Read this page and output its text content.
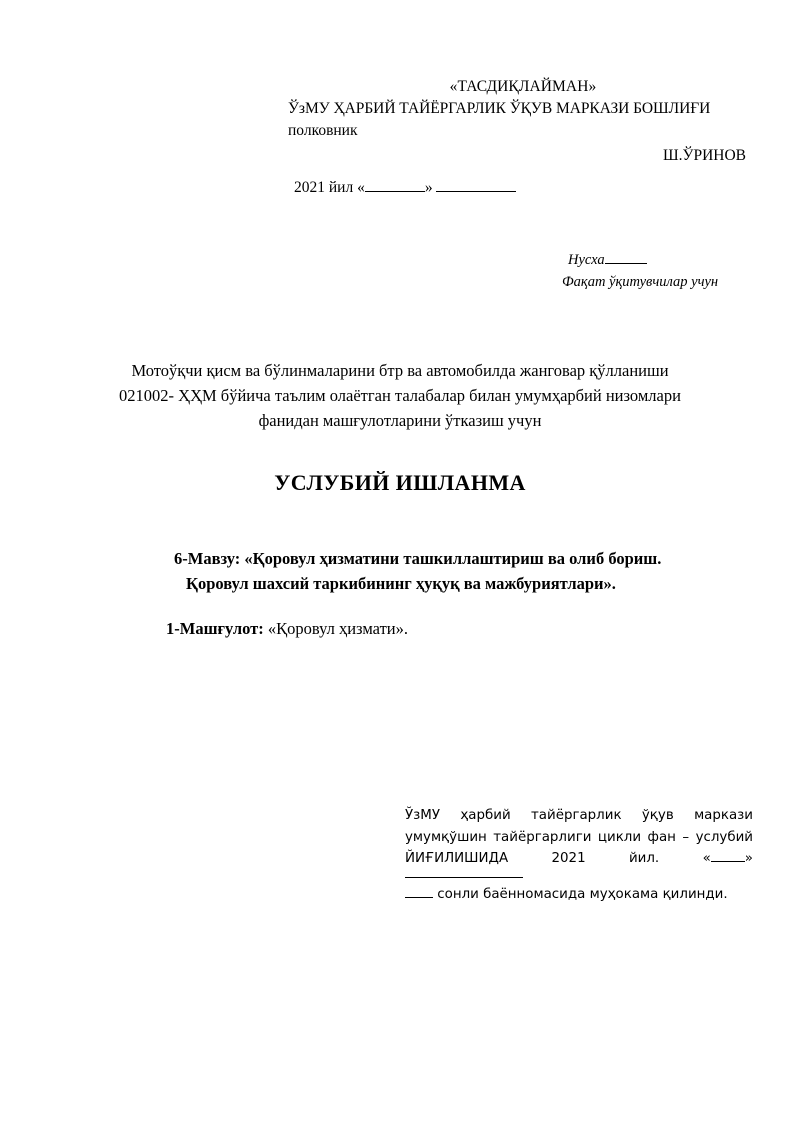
«ТАСДИҚЛАЙМАН»
ЎзМУ ҲАРБИЙ ТАЙЁРГАРЛИК ЎҚУВ МАРКАЗИ БОШЛИҒИ
полковник
Ш.ЎРИНОВ
2021 йил «	»
Нусха
Фақат ўқитувчилар учун
Мотоўқчи қисм ва бўлинмаларини бтр ва автомобилда жанговар қўлланиши 021002- ҲҲМ бўйича таълим олаётган талабалар билан умумҳарбий низомлари фанидан машғулотларини ўтказиш учун
УСЛУБИЙ ИШЛАНМА
6-Мавзу: «Қоровул ҳизматини ташкиллаштириш ва олиб бориш.
Қоровул шахсий таркибининг ҳуқуқ ва мажбуриятлари».
1-Машғулот: «Қоровул ҳизмати».

ЎзМУ ҳарбий тайёргарлик ўқув маркази

умумқўшин тайёргарлиги цикли фан – услубий

ЙИҒИЛИШИДА	2021	йил.	«	»

сонли баённомасида муҳокама қилинди.
